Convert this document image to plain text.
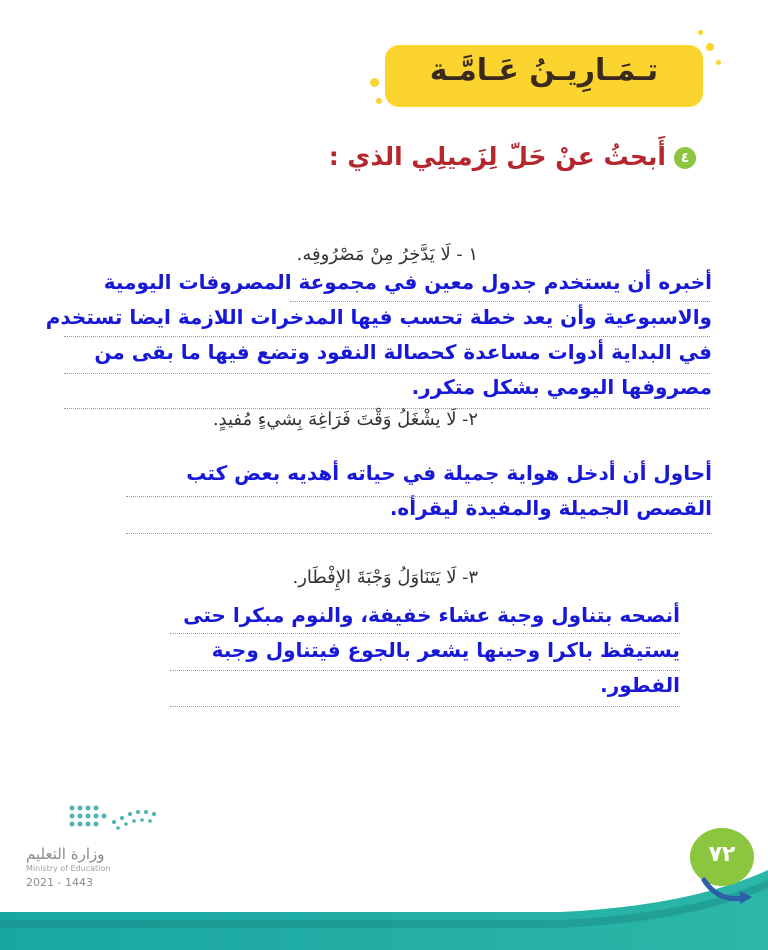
تـمَـارِيـنُ عَـامَّـة
٤أَبحثُ عنْ حَلّ لِزَميلِي الذي :
١ - لَا يَدَّخِرُ مِنْ مَصْرُوفِه.
أخبره أن يستخدم جدول معين في مجموعة المصروفات اليومية والاسبوعية وأن يعد خطة تحسب فيها المدخرات اللازمة ايضا تستخدم في البداية أدوات مساعدة كحصالة النقود وتضع فيها ما بقى من مصروفها اليومي بشكل متكرر.
٢- لَا يشْغَلُ وَقْتَ فَرَاغِهَ بِشيءٍ مُفيدٍ.
أحاول أن أدخل هواية جميلة في حياته أهديه بعض كتب القصص الجميلة والمفيدة ليقرأه.
٣- لَا يَتَنَاوَلُ وَجْبَةَ الإِفْطَار.
أنصحه بتناول وجبة عشاء خفيفة، والنوم مبكرا حتى يستيقظ باكرا وحينها يشعر بالجوع فيتناول وجبة الفطور.
وزارة التعليم
Ministry of Education
2021 - 1443
٧٢
